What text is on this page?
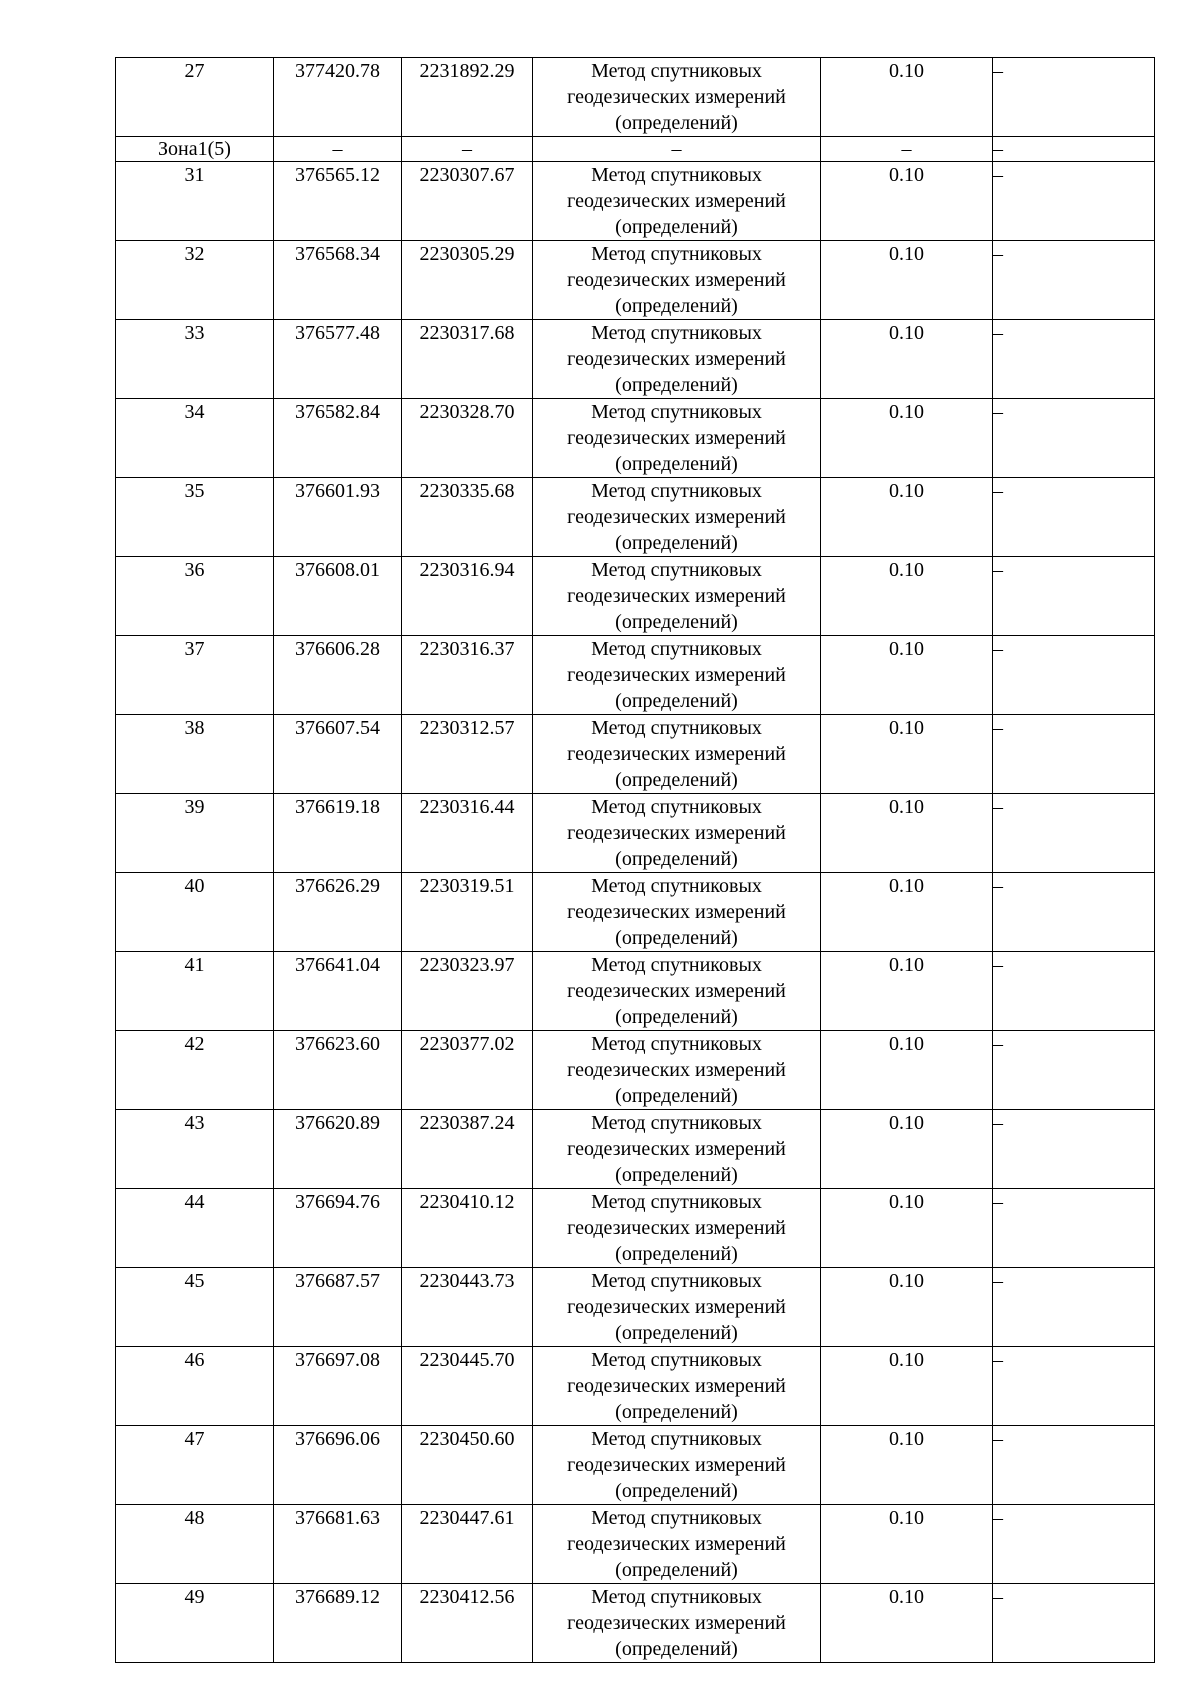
27	377420.78	2231892.29	Метод спутниковых геодезических измерений (определений)	0.10	–
Зона1(5)	–	–	–	–	–
31	376565.12	2230307.67	Метод спутниковых геодезических измерений (определений)	0.10	–
32	376568.34	2230305.29	Метод спутниковых геодезических измерений (определений)	0.10	–
33	376577.48	2230317.68	Метод спутниковых геодезических измерений (определений)	0.10	–
34	376582.84	2230328.70	Метод спутниковых геодезических измерений (определений)	0.10	–
35	376601.93	2230335.68	Метод спутниковых геодезических измерений (определений)	0.10	–
36	376608.01	2230316.94	Метод спутниковых геодезических измерений (определений)	0.10	–
37	376606.28	2230316.37	Метод спутниковых геодезических измерений (определений)	0.10	–
38	376607.54	2230312.57	Метод спутниковых геодезических измерений (определений)	0.10	–
39	376619.18	2230316.44	Метод спутниковых геодезических измерений (определений)	0.10	–
40	376626.29	2230319.51	Метод спутниковых геодезических измерений (определений)	0.10	–
41	376641.04	2230323.97	Метод спутниковых геодезических измерений (определений)	0.10	–
42	376623.60	2230377.02	Метод спутниковых геодезических измерений (определений)	0.10	–
43	376620.89	2230387.24	Метод спутниковых геодезических измерений (определений)	0.10	–
44	376694.76	2230410.12	Метод спутниковых геодезических измерений (определений)	0.10	–
45	376687.57	2230443.73	Метод спутниковых геодезических измерений (определений)	0.10	–
46	376697.08	2230445.70	Метод спутниковых геодезических измерений (определений)	0.10	–
47	376696.06	2230450.60	Метод спутниковых геодезических измерений (определений)	0.10	–
48	376681.63	2230447.61	Метод спутниковых геодезических измерений (определений)	0.10	–
49	376689.12	2230412.56	Метод спутниковых геодезических измерений (определений)	0.10	–
